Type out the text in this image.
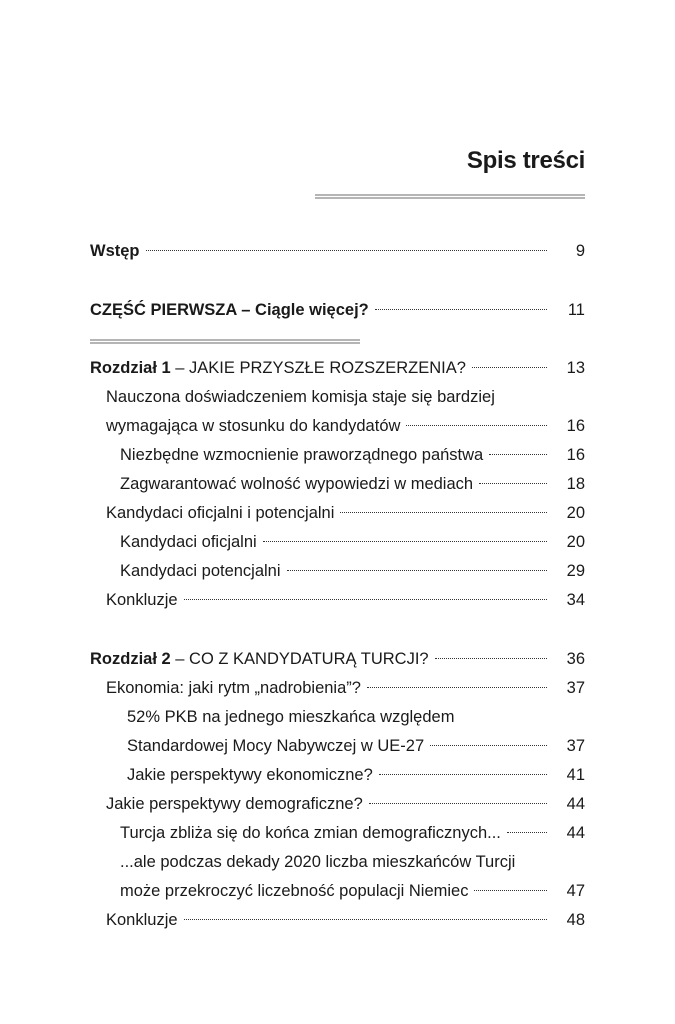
Spis treści
Wstęp	9
CZĘŚĆ PIERWSZA – Ciągle więcej?	11
Rozdział 1 – JAKIE PRZYSZŁE ROZSZERZENIA?	13
Nauczona doświadczeniem komisja staje się bardziej
wymagająca w stosunku do kandydatów	16
Niezbędne wzmocnienie praworządnego państwa	16
Zagwarantować wolność wypowiedzi w mediach	18
Kandydaci oficjalni i potencjalni	20
Kandydaci oficjalni	20
Kandydaci potencjalni	29
Konkluzje	34
Rozdział 2 – CO Z KANDYDATURĄ TURCJI?	36
Ekonomia: jaki rytm „nadrobienia”?	37
52% PKB na jednego mieszkańca względem
Standardowej Mocy Nabywczej w UE-27	37
Jakie perspektywy ekonomiczne?	41
Jakie perspektywy demograficzne?	44
Turcja zbliża się do końca zmian demograficznych...	44
...ale podczas dekady 2020 liczba mieszkańców Turcji
może przekroczyć liczebność populacji Niemiec	47
Konkluzje	48
